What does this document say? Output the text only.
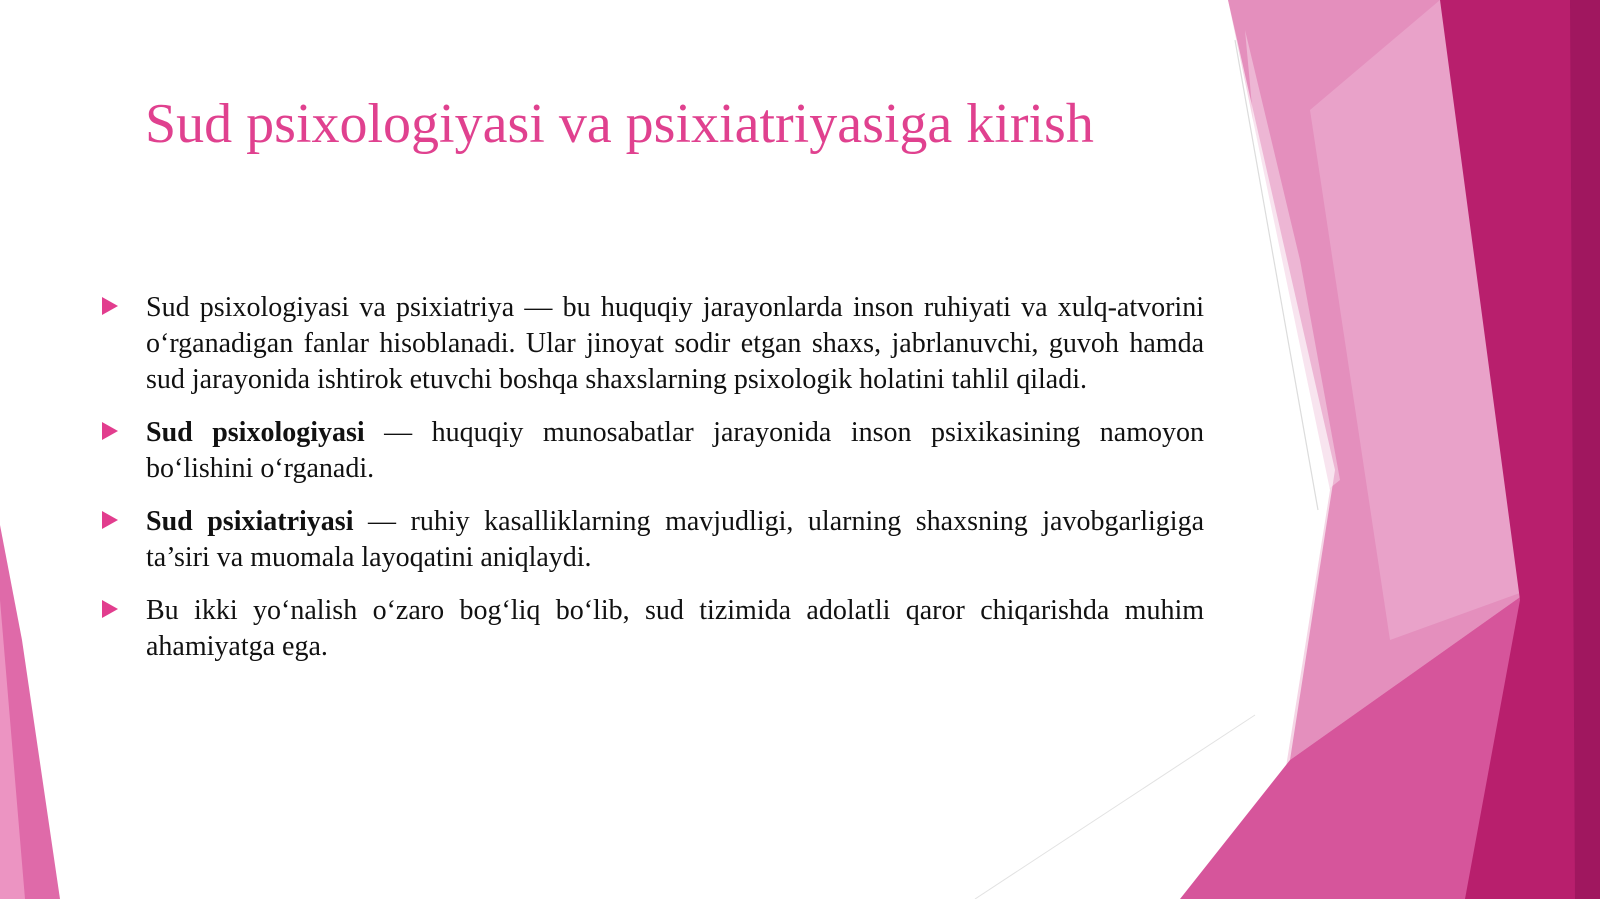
Sud psixologiyasi va psixiatriyasiga kirish
Sud psixologiyasi va psixiatriya — bu huquqiy jarayonlarda inson ruhiyati va xulq-atvorini o‘rganadigan fanlar hisoblanadi. Ular jinoyat sodir etgan shaxs, jabrlanuvchi, guvoh hamda sud jarayonida ishtirok etuvchi boshqa shaxslarning psixologik holatini tahlil qiladi.
Sud psixologiyasi — huquqiy munosabatlar jarayonida inson psixikasining namoyon bo‘lishini o‘rganadi.
Sud psixiatriyasi — ruhiy kasalliklarning mavjudligi, ularning shaxsning javobgarligiga ta’siri va muomala layoqatini aniqlaydi.
Bu ikki yo‘nalish o‘zaro bog‘liq bo‘lib, sud tizimida adolatli qaror chiqarishda muhim ahamiyatga ega.
